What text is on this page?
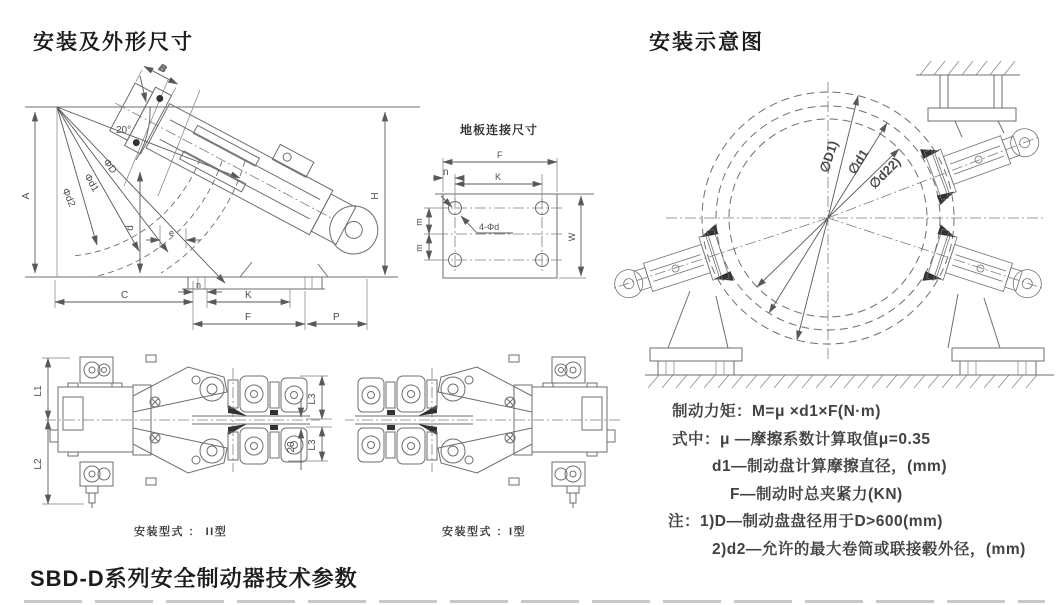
A
20°
ΦD
Φd1
Φd2
d
B
e
H
C
n
K
F	P
F
K
n
m
m
W
4-Φd
L1
L2
L3
L3
20
∅D1) ∅d1
∅d22)
安装及外形尺寸	安装示意图
地板连接尺寸
安装型式 ： II型	安装型式 ：I型
制动力矩：M=μ ×d1×F(N·m)
式中：μ —摩擦系数计算取值μ=0.35
d1—制动盘计算摩擦直径，(mm)
F—制动时总夹紧力(KN)
注：1)D—制动盘盘径用于D>600(mm)
2)d2—允许的最大卷筒或联接毂外径，(mm)
SBD-D系列安全制动器技术参数
